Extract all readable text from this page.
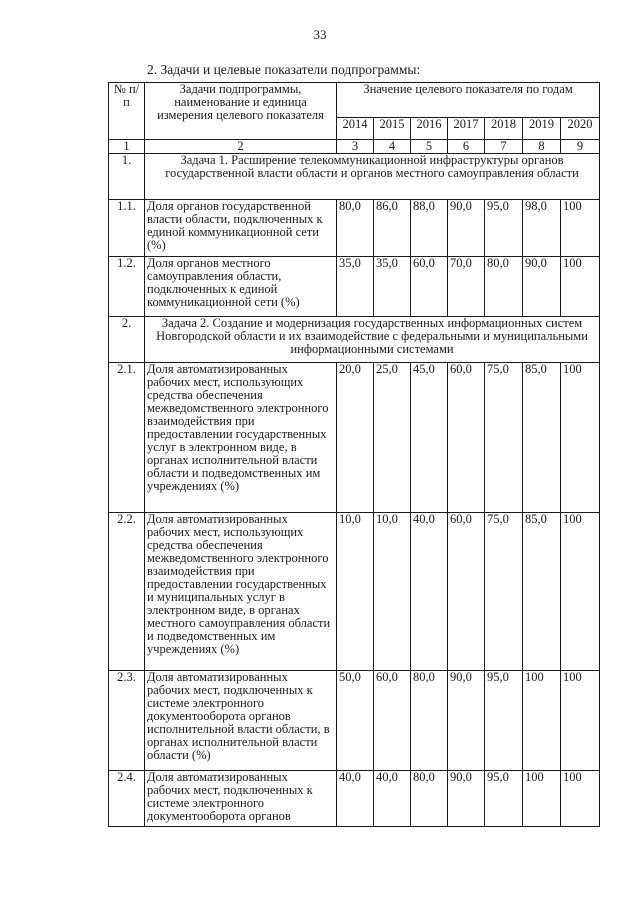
33
2. Задачи и целевые показатели подпрограммы:
№ п/п	Задачи подпрограммы, наименование и единица измерения целевого показателя	Значение целевого показателя по годам						
		2014	2015	2016	2017	2018	2019	2020
1	2	3	4	5	6	7	8	9
1.	Задача 1. Расширение телекоммуникационной инфраструктуры органов государственной власти области и органов местного самоуправления области							
1.1.	Доля органов государственной власти области, подключенных к единой коммуникационной сети (%)	80,0	86,0	88,0	90,0	95,0	98,0	100
1.2.	Доля органов местного самоуправления области, подключенных к единой коммуникационной сети (%)	35,0	35,0	60,0	70,0	80,0	90,0	100
2.	Задача 2. Создание и модернизация государственных информационных систем Новгородской области и их взаимодействие с федеральными и муниципальными информационными системами							
2.1.	Доля автоматизированных рабочих мест, использующих средства обеспечения межведомственного электронного взаимодействия при предоставлении государственных услуг в электронном виде, в органах исполнительной власти области и подведомственных им учреждениях (%)	20,0	25,0	45,0	60,0	75,0	85,0	100
2.2.	Доля автоматизированных рабочих мест, использующих средства обеспечения межведомственного электронного взаимодействия при предоставлении государственных и муниципальных услуг в электронном виде, в органах местного самоуправления области и подведомственных им учреждениях (%)	10,0	10,0	40,0	60,0	75,0	85,0	100
2.3.	Доля автоматизированных рабочих мест, подключенных к системе электронного документооборота органов исполнительной власти области, в органах исполнительной власти области (%)	50,0	60,0	80,0	90,0	95,0	100	100
2.4.	Доля автоматизированных рабочих мест, подключенных к системе электронного документооборота органов	40,0	40,0	80,0	90,0	95,0	100	100
